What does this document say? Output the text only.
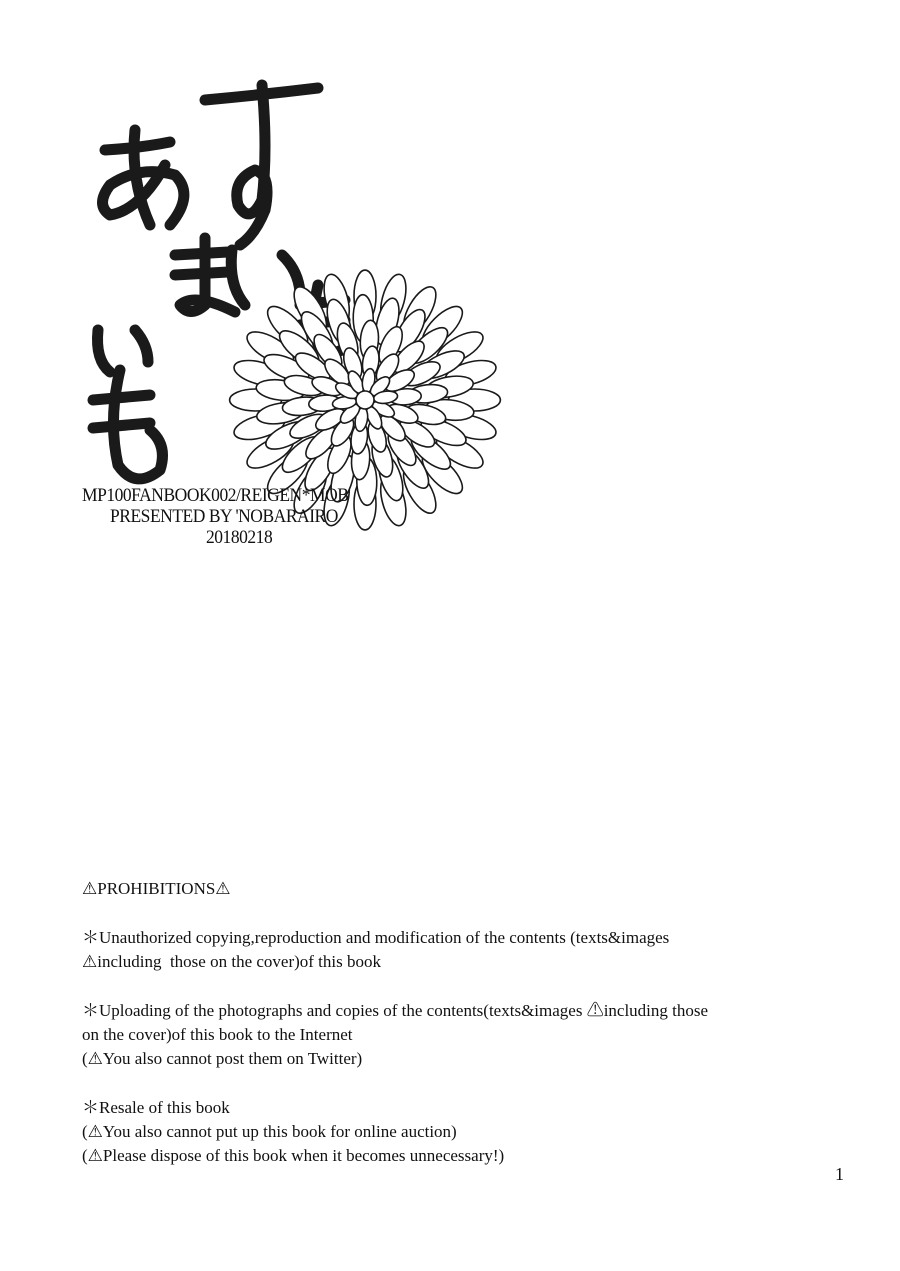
MP100FANBOOK002/REIGEN*MOB
PRESENTED BY 'NOBARAIRO
20180218

⚠PROHIBITIONS⚠

＊Unauthorized copying,reproduction and modification of the contents (texts&images

⚠including  those on the cover)of this book

＊Uploading of the photographs and copies of the contents(texts&images ⚠including those

on the cover)of this book to the Internet

(⚠You also cannot post them on Twitter)

＊Resale of this book

(⚠You also cannot put up this book for online auction)

(⚠Please dispose of this book when it becomes unnecessary!)

1
